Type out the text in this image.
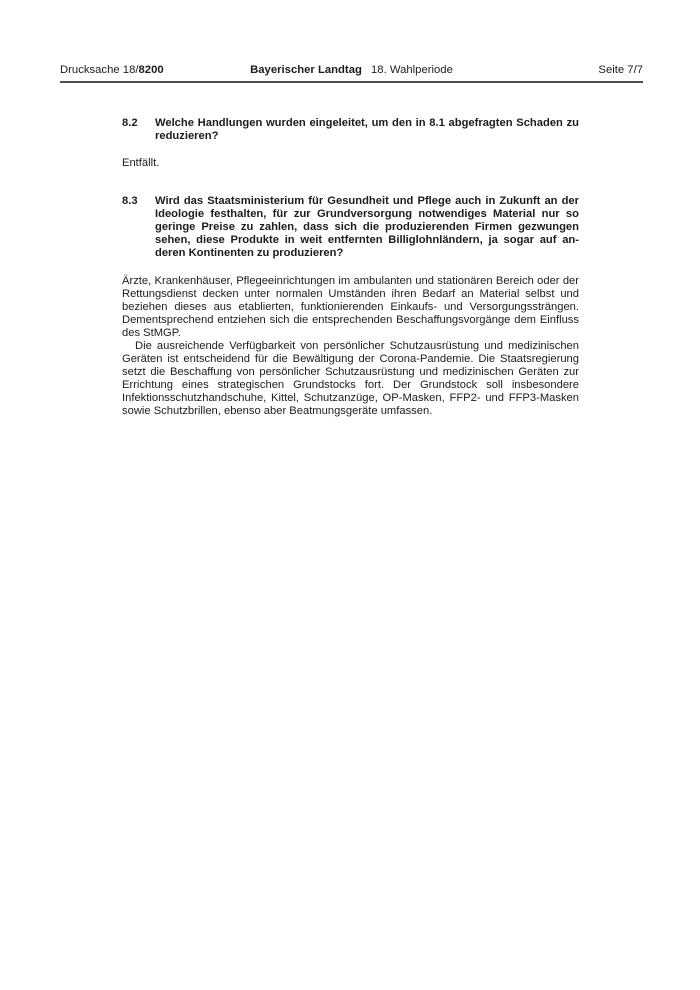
Drucksache 18/8200	Bayerischer Landtag 18. Wahlperiode	Seite 7/7
8.2	Welche Handlungen wurden eingeleitet, um den in 8.1 abgefragten Schaden zu reduzieren?

Entfällt.

8.3	Wird das Staatsministerium für Gesundheit und Pflege auch in Zukunft an der Ideologie festhalten, für zur Grundversorgung notwendiges Material nur so geringe Preise zu zahlen, dass sich die produzierenden Firmen gezwungen sehen, diese Produkte in weit entfernten Billiglohnländern, ja sogar auf anderen Kontinenten zu produzieren?

Ärzte, Krankenhäuser, Pflegeeinrichtungen im ambulanten und stationären Bereich oder der Rettungsdienst decken unter normalen Umständen ihren Bedarf an Material selbst und beziehen dieses aus etablierten, funktionierenden Einkaufs- und Versorgungssträngen. Dementsprechend entziehen sich die entsprechenden Beschaffungsvorgänge dem Einfluss des StMGP.

Die ausreichende Verfügbarkeit von persönlicher Schutzausrüstung und medizinischen Geräten ist entscheidend für die Bewältigung der Corona-Pandemie. Die Staatsregierung setzt die Beschaffung von persönlicher Schutzausrüstung und medizinischen Geräten zur Errichtung eines strategischen Grundstocks fort. Der Grundstock soll insbesondere Infektionsschutzhandschuhe, Kittel, Schutzanzüge, OP-Masken, FFP2- und FFP3-Masken sowie Schutzbrillen, ebenso aber Beatmungsgeräte umfassen.
